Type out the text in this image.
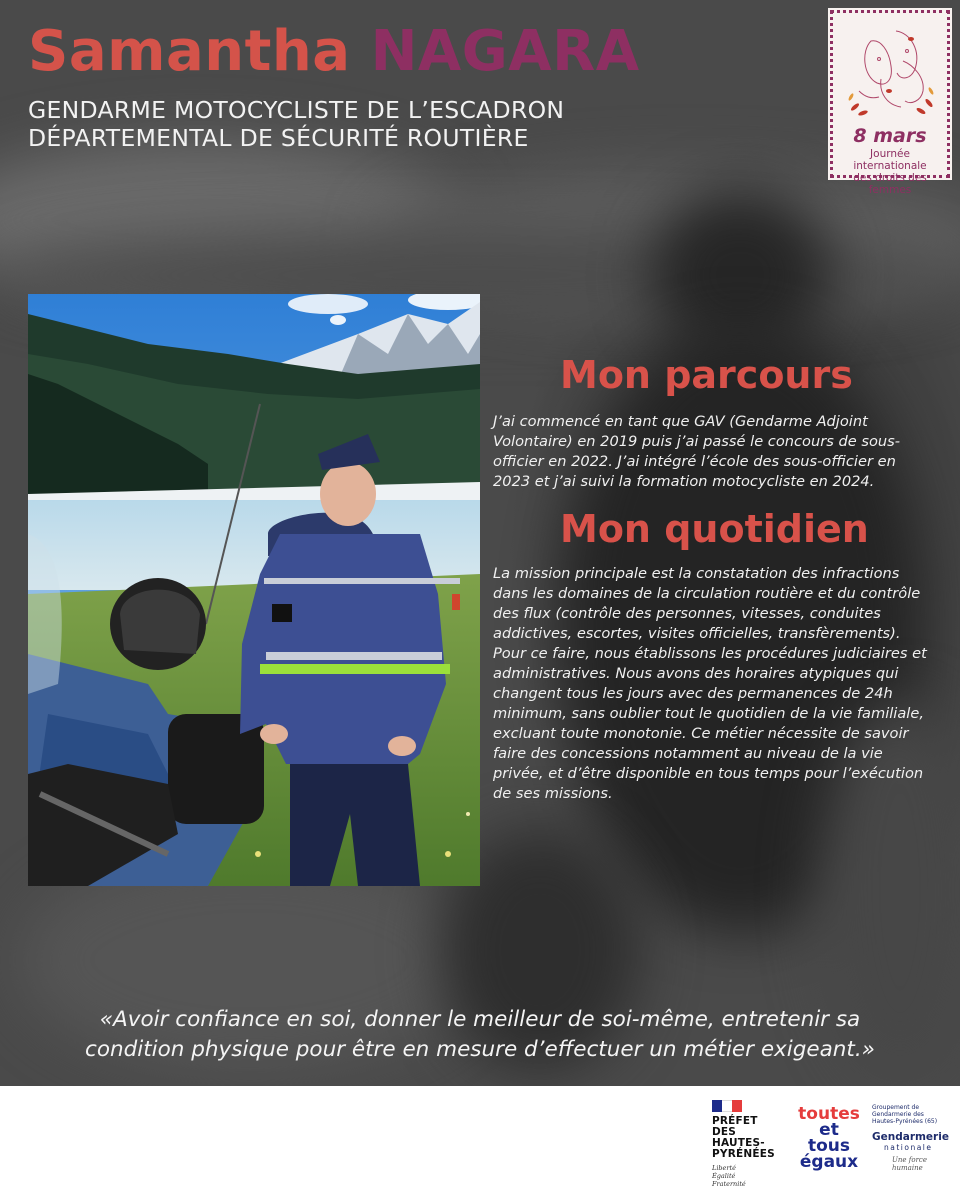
Samantha NAGARA
GENDARME MOTOCYCLISTE DE L’ESCADRON
DÉPARTEMENTAL DE SÉCURITÉ ROUTIÈRE	8 mars
Journée internationale
des droits des femmes
Mon parcours
J’ai commencé en tant que GAV (Gendarme Adjoint Volontaire) en 2019 puis j’ai passé le concours de sous-officier en 2022. J’ai intégré l’école des sous-officier en 2023 et j’ai suivi la formation motocycliste en 2024.
Mon quotidien
La mission principale est la constatation des infractions dans les domaines de la circulation routière et du contrôle des flux (contrôle des personnes, vitesses, conduites addictives, escortes, visites officielles, transfèrements). Pour ce faire, nous établissons les procédures judiciaires et administratives. Nous avons des horaires atypiques qui changent tous les jours avec des permanences de 24h minimum, sans oublier tout le quotidien de la vie familiale, excluant toute monotonie. Ce métier nécessite de savoir faire des concessions notamment au niveau de la vie privée, et d’être disponible en tous temps pour l’exécution de ses missions.
«Avoir confiance en soi, donner le meilleur de soi-même, entretenir sa
condition physique pour être en mesure d’effectuer un métier exigeant.»
PRÉFET
DES HAUTES-
PYRÉNÉES
Liberté
Égalité
Fraternité
toutes
et tous
égaux
Groupement de
Gendarmerie des
Hautes-Pyrénées (65)
Gendarmerie
nationale
Une force humaine
